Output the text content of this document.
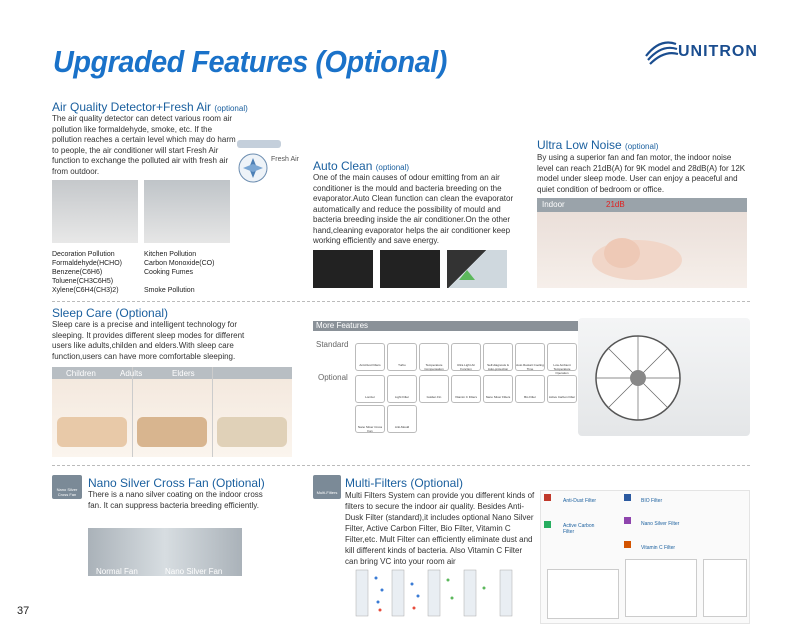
Upgraded Features (Optional)	UNITRON
Air Quality Detector+Fresh Air (optional)
The air quality detector can detect various room air pollution like formaldehyde, smoke, etc. If the pollution reaches a certain level which may do harm to people, the air conditioner will start Fresh Air function to exchange the polluted air with fresh air from outdoor.
Fresh Air
Decoration Pollution
Formaldehyde(HCHO)
Benzene(C6H6)
Toluene(CH3C6H5)
Xylene(C6H4(CH3)2)
Kitchen Pollution
Carbon Monoxide(CO)
Cooking Fumes
Smoke Pollution
Auto Clean (optional)
One of the main causes of odour emitting from an air conditioner is the mould and bacteria breeding on the evaporator.Auto Clean function can clean the evaporator automatically and reduce the possibility of mould and bacteria breeding inside the air conditioner.On the other hand,cleaning evaporator helps the air conditioner keep working efficiently and save energy.
Ultra Low Noise (optional)
By using a superior fan and fan motor, the indoor noise level can reach 21dB(A) for 9K model and 28dB(A) for 12K model under sleep mode. User can enjoy a peaceful and quiet condition of bedroom or office.
Indoor	21dB
Sleep Care (Optional)
Sleep care is a precise and intelligent technology for sleeping. It provides different sleep modes for different users like adults,childen and elders.With sleep care function,users can have more comfortable sleeping.
Children	Adults	Elders
More Features
Standard
Optional
Anti-Dust Filters	Turbo	Temperature Compensation
Ultra Light Air Function
Self-diagnosis & Auto-protection
Auto Restart Cooling Time
Low Ambient Temperature Operation
Lonizer	Light Filter	Golden Fin	Vitamin C Filters	Nano Silver Filters	Bio Filter	Active Carbon Filter
Nano Silver Cross Fan
Anti-Mould
Nano Silver Cross Fan
Nano Silver Cross Fan (Optional)
There is a nano silver coating on the indoor cross fan. It can suppress bacteria breeding efficiently.
Normal Fan	Nano Silver Fan
Multi-Filters
Multi-Filters (Optional)
Multi Filters System can provide you different kinds of filters to secure the indoor air quality. Besides Anti-Dusk Filter (standard),it includes optional Nano Silver Filter, Active Carbon Filter, Bio Filter, Vitamin C Filter,etc. Mult Filter can efficiently eliminate dust and kill different kinds of bacteria. Also Vitamin C Filter can bring VC into your room air
Anti-Dust Filter
Active Carbon Filter
BIO Filter
Nano Silver Filter
Vitamin C Filter
37
